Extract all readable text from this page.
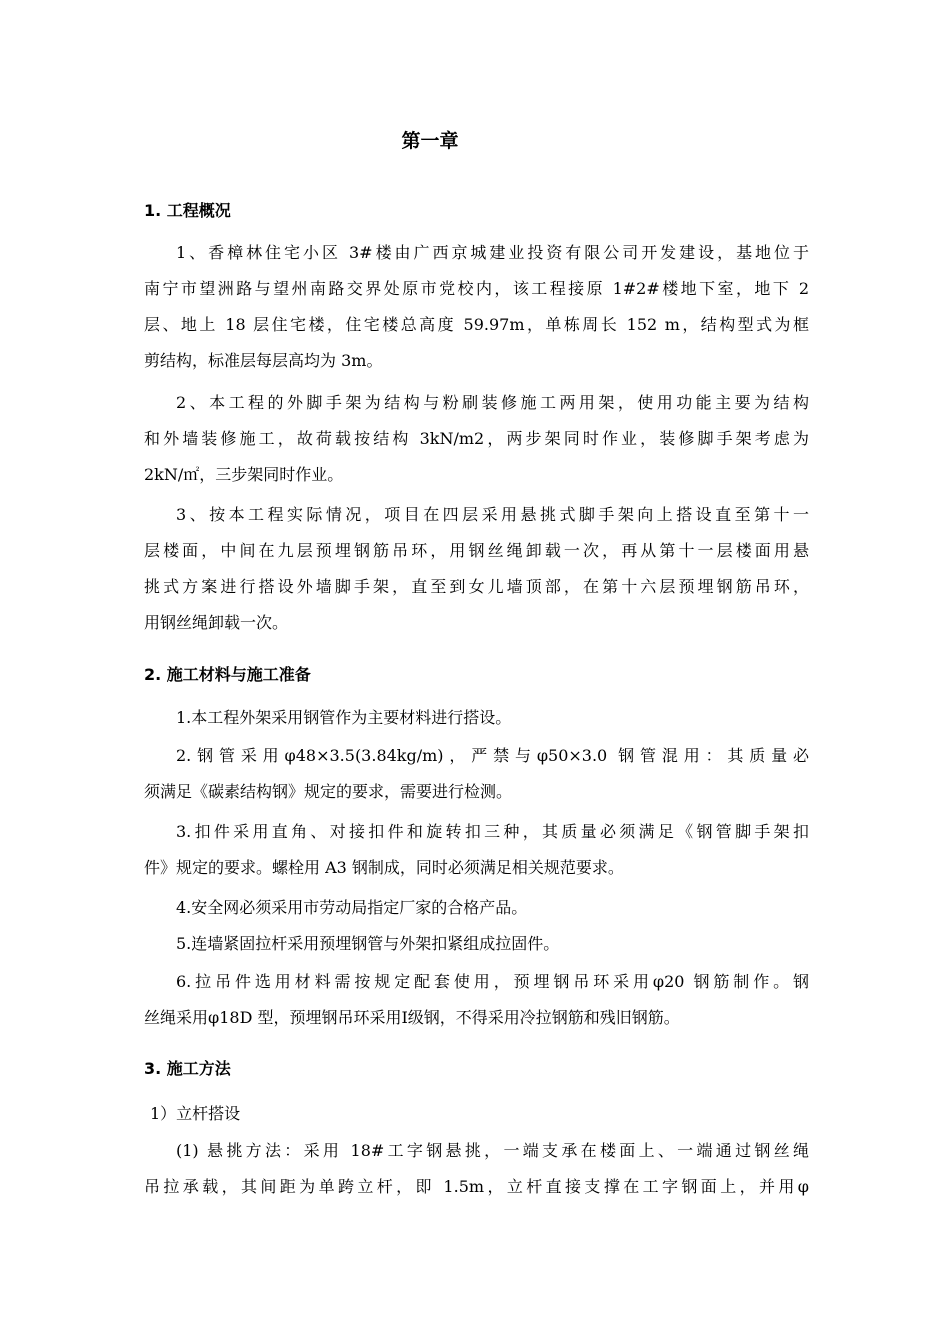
第一章
1. 工程概况
1、香樟林住宅小区 3#楼由广西京城建业投资有限公司开发建设，基地位于
南宁市望洲路与望州南路交界处原市党校内，该工程接原 1#2#楼地下室，地下 2
层、地上 18 层住宅楼，住宅楼总高度 59.97m，单栋周长 152 m，结构型式为框
剪结构，标准层每层高均为 3m。
2、本工程的外脚手架为结构与粉刷装修施工两用架，使用功能主要为结构
和外墙装修施工，故荷载按结构 3kN/m2，两步架同时作业，装修脚手架考虑为
2kN/㎡，三步架同时作业。
3、按本工程实际情况，项目在四层采用悬挑式脚手架向上搭设直至第十一
层楼面，中间在九层预埋钢筋吊环，用钢丝绳卸载一次，再从第十一层楼面用悬
挑式方案进行搭设外墙脚手架，直至到女儿墙顶部，在第十六层预埋钢筋吊环，
用钢丝绳卸载一次。
2. 施工材料与施工准备
1.本工程外架采用钢管作为主要材料进行搭设。
2.钢管采用φ48×3.5(3.84kg/m)，严禁与φ50×3.0 钢管混用：其质量必
须满足《碳素结构钢》规定的要求，需要进行检测。
3.扣件采用直角、对接扣件和旋转扣三种，其质量必须满足《钢管脚手架扣
件》规定的要求。螺栓用 A3 钢制成，同时必须满足相关规范要求。
4.安全网必须采用市劳动局指定厂家的合格产品。
5.连墙紧固拉杆采用预埋钢管与外架扣紧组成拉固件。
6.拉吊件选用材料需按规定配套使用，预埋钢吊环采用φ20 钢筋制作。钢
丝绳采用φ18D 型，预埋钢吊环采用Ⅰ级钢，不得采用冷拉钢筋和残旧钢筋。
3. 施工方法
1）立杆搭设
(1) 悬挑方法：采用 18#工字钢悬挑，一端支承在楼面上、一端通过钢丝绳
吊拉承载，其间距为单跨立杆，即 1.5m，立杆直接支撑在工字钢面上，并用φ
